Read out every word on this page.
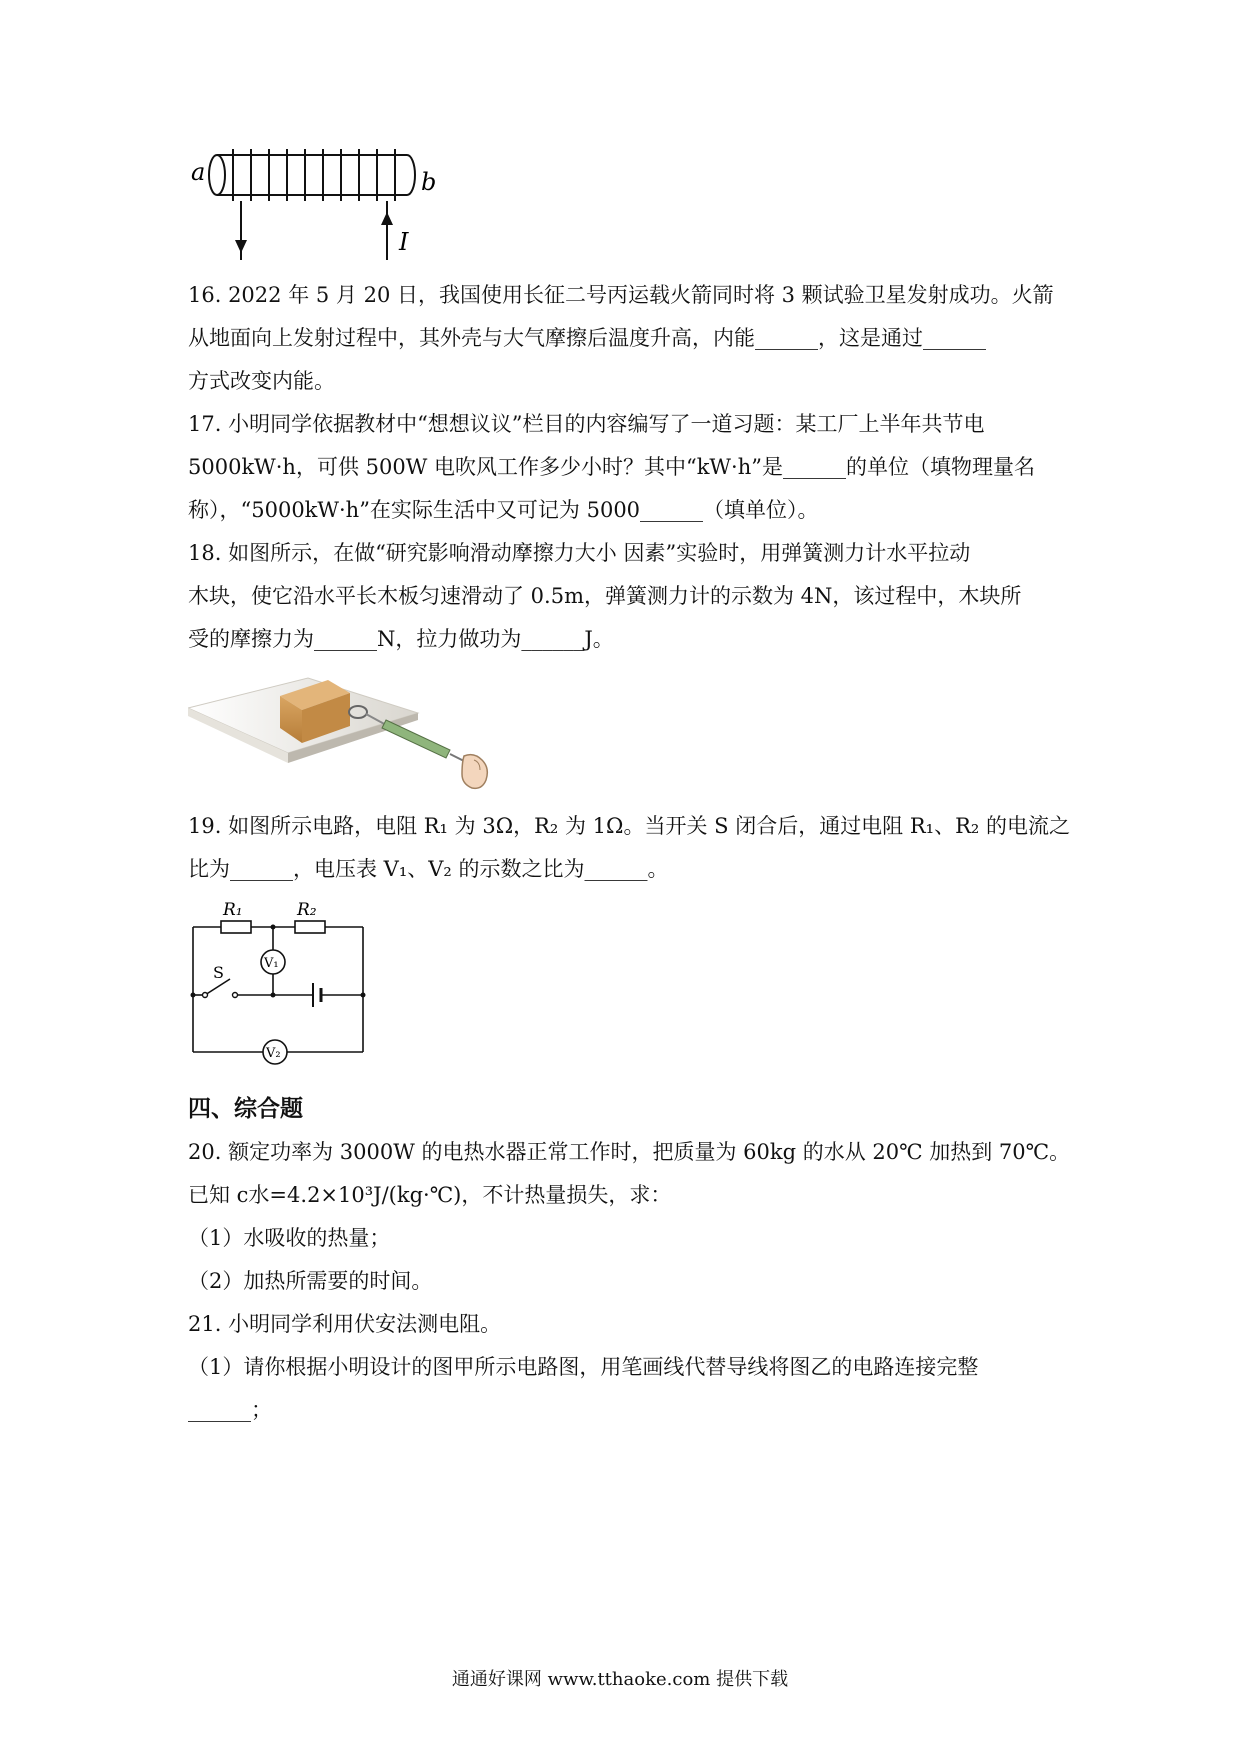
a	b
I
16. 2022 年 5 月 20 日，我国使用长征二号丙运载火箭同时将 3 颗试验卫星发射成功。火箭
从地面向上发射过程中，其外壳与大气摩擦后温度升高，内能______，这是通过______
方式改变内能。
17. 小明同学依据教材中“想想议议”栏目的内容编写了一道习题：某工厂上半年共节电
5000kW·h，可供 500W 电吹风工作多少小时？其中“kW·h”是______的单位（填物理量名
称），“5000kW·h”在实际生活中又可记为 5000______（填单位）。
18. 如图所示，在做“研究影响滑动摩擦力大小 因素”实验时，用弹簧测力计水平拉动
木块，使它沿水平长木板匀速滑动了 0.5m，弹簧测力计的示数为 4N，该过程中，木块所
受的摩擦力为______N，拉力做功为______J。
19. 如图所示电路，电阻 R₁ 为 3Ω，R₂ 为 1Ω。当开关 S 闭合后，通过电阻 R₁、R₂ 的电流之
比为______，电压表 V₁、V₂ 的示数之比为______。
R₁	R₂
S	V₁
V₂
四、综合题
20. 额定功率为 3000W 的电热水器正常工作时，把质量为 60kg 的水从 20℃ 加热到 70℃。
已知 c水=4.2×10³J/(kg·℃)，不计热量损失，求：
（1）水吸收的热量；
（2）加热所需要的时间。
21. 小明同学利用伏安法测电阻。
（1）请你根据小明设计的图甲所示电路图，用笔画线代替导线将图乙的电路连接完整
______；
通通好课网 www.tthaoke.com 提供下载
